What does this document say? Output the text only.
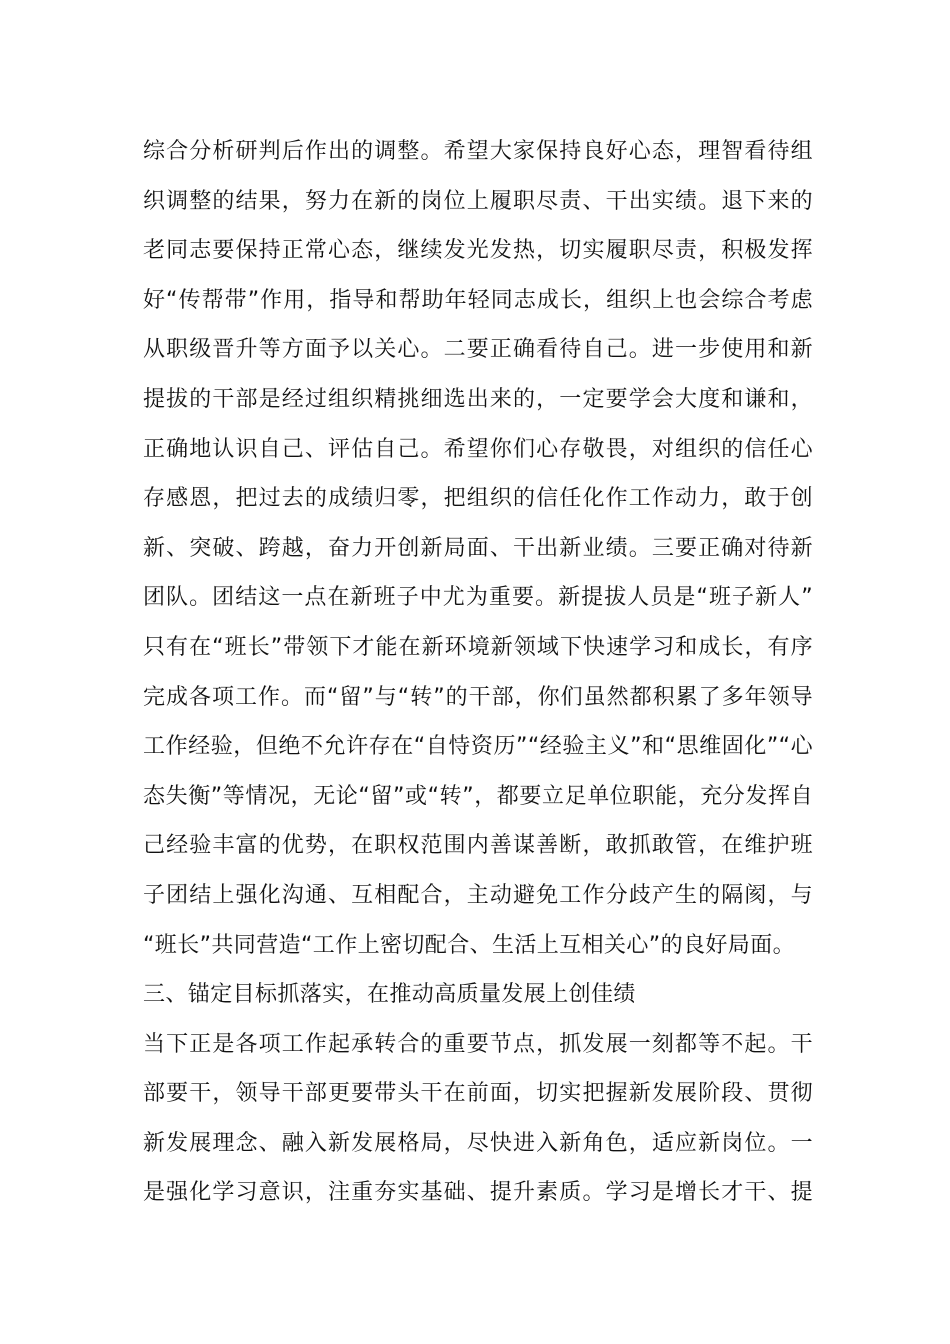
综合分析研判后作出的调整。希望大家保持良好心态，理智看待组
织调整的结果，努力在新的岗位上履职尽责、干出实绩。退下来的
老同志要保持正常心态，继续发光发热，切实履职尽责，积极发挥
好“传帮带”作用，指导和帮助年轻同志成长，组织上也会综合考虑
从职级晋升等方面予以关心。二要正确看待自己。进一步使用和新
提拔的干部是经过组织精挑细选出来的，一定要学会大度和谦和，
正确地认识自己、评估自己。希望你们心存敬畏，对组织的信任心
存感恩，把过去的成绩归零，把组织的信任化作工作动力，敢于创
新、突破、跨越，奋力开创新局面、干出新业绩。三要正确对待新
团队。团结这一点在新班子中尤为重要。新提拔人员是“班子新人”
只有在“班长”带领下才能在新环境新领域下快速学习和成长，有序
完成各项工作。而“留”与“转”的干部，你们虽然都积累了多年领导
工作经验，但绝不允许存在“自恃资历”“经验主义”和“思维固化”“心
态失衡”等情况，无论“留”或“转”，都要立足单位职能，充分发挥自
己经验丰富的优势，在职权范围内善谋善断，敢抓敢管，在维护班
子团结上强化沟通、互相配合，主动避免工作分歧产生的隔阂，与
“班长”共同营造“工作上密切配合、生活上互相关心”的良好局面。
三、锚定目标抓落实，在推动高质量发展上创佳绩
当下正是各项工作起承转合的重要节点，抓发展一刻都等不起。干
部要干，领导干部更要带头干在前面，切实把握新发展阶段、贯彻
新发展理念、融入新发展格局，尽快进入新角色，适应新岗位。一
是强化学习意识，注重夯实基础、提升素质。学习是增长才干、提
